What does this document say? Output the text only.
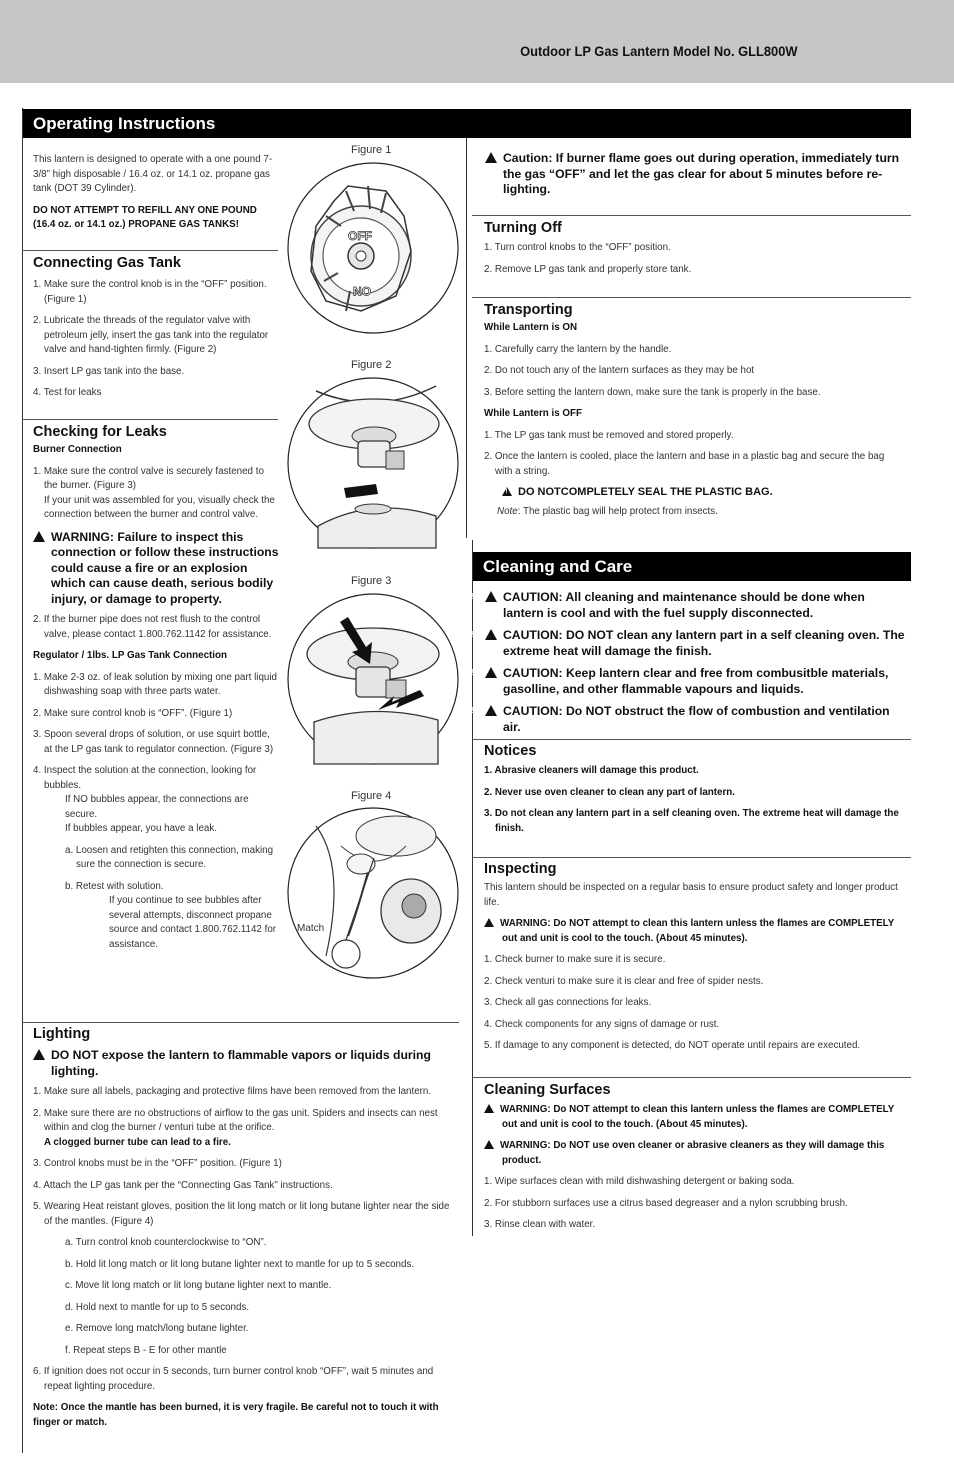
Outdoor LP Gas Lantern Model No. GLL800W
Operating Instructions

This lantern is designed to operate with a one pound 7-3/8” high disposable / 16.4 oz. or 14.1 oz. propane gas tank (DOT 39 Cylinder).

DO NOT ATTEMPT TO REFILL ANY ONE POUND (16.4 oz. or 14.1 oz.) PROPANE GAS TANKS!

Connecting Gas Tank

1. Make sure the control knob is in the “OFF” position. (Figure 1)

2. Lubricate the threads of the regulator valve with petroleum jelly, insert the gas tank into the regulator valve and hand-tighten firmly. (Figure 2)

3. Insert LP gas tank into the base.

4. Test for leaks

Checking for Leaks

Burner Connection

1. Make sure the control valve is securely fastened to the burner. (Figure 3)

If your unit was assembled for you, visually check the connection between the burner and control valve.

!WARNING: Failure to inspect this connection or follow these instructions could cause a fire or an explosion which can cause death, serious bodily injury, or damage to property.

2. If the burner pipe does not rest flush to the control valve, please contact 1.800.762.1142 for assistance.

Regulator / 1lbs. LP Gas Tank Connection

1. Make 2-3 oz. of leak solution by mixing one part liquid dishwashing soap with three parts water.

2. Make sure control knob is “OFF”. (Figure 1)

3. Spoon several drops of solution, or use squirt bottle, at the LP gas tank to regulator connection. (Figure 3)

4. Inspect the solution at the connection, looking for bubbles.

If NO bubbles appear, the connections are secure.

If bubbles appear, you have a leak.

a. Loosen and retighten this connection, making sure the connection is secure.

b. Retest with solution.

If you continue to see bubbles after several attempts, disconnect propane source and contact 1.800.762.1142 for assistance.

Lighting
!DO NOT expose the lantern to flammable vapors or liquids during lighting.

1. Make sure all labels, packaging and protective films have been removed from the lantern.

2. Make sure there are no obstructions of airflow to the gas unit. Spiders and insects can nest within and clog the burner / venturi tube at the orifice.

A clogged burner tube can lead to a fire.

3. Control knobs must be in the “OFF” position. (Figure 1)

4. Attach the LP gas tank per the “Connecting Gas Tank” instructions.

5. Wearing Heat reistant gloves, position the lit long match or lit long butane lighter near the side of the mantles. (Figure 4)

a. Turn control knob counterclockwise to “ON”.

b. Hold lit long match or lit long butane lighter next to mantle for up to 5 seconds.

c. Move lit long match or lit long butane lighter next to mantle.

d. Hold next to mantle for up to 5 seconds.

e. Remove long match/long butane lighter.

f. Repeat steps B - E for other mantle

6. If ignition does not occur in 5 seconds, turn burner control knob “OFF”, wait 5 minutes and repeat lighting procedure.

Note: Once the mantle has been burned, it is very fragile. Be careful not to touch it with finger or match.

Figure 1
OFF
ON
Figure 2
Figure 3
Figure 4
Match
!Caution: If burner flame goes out during operation, immediately turn the gas “OFF” and let the gas clear for about 5 minutes before re-lighting.
Turning Off

1. Turn control knobs to the “OFF” position.

2. Remove LP gas tank and properly store tank.

Transporting

While Lantern is ON

1. Carefully carry the lantern by the handle.

2. Do not touch any of the lantern surfaces as they may be hot

3. Before setting the lantern down, make sure the tank is properly in the base.

While Lantern is OFF

1. The LP gas tank must be removed and stored properly.

2. Once the lantern is cooled, place the lantern and base in a plastic bag and secure the bag with a string.

!DO NOTCOMPLETELY SEAL THE PLASTIC BAG.

Note: The plastic bag will help protect from insects.

Cleaning and Care
!CAUTION: All cleaning and maintenance should be done when lantern is cool and with the fuel supply disconnected.
!CAUTION: DO NOT clean any lantern part in a self cleaning oven. The extreme heat will damage the finish.
!CAUTION: Keep lantern clear and free from combusitble materials, gasolline, and other flammable vapours and liquids.
!CAUTION: Do NOT obstruct the flow of combustion and ventilation air.
Notices

1. Abrasive cleaners will damage this product.

2. Never use oven cleaner to clean any part of lantern.

3. Do not clean any lantern part in a self cleaning oven. The extreme heat will damage the finish.

Inspecting

This lantern should be inspected on a regular basis to ensure product safety and longer product life.

!WARNING: Do NOT attempt to clean this lantern unless the flames are COMPLETELY out and unit is cool to the touch. (About 45 minutes).

1. Check burner to make sure it is secure.

2. Check venturi to make sure it is clear and free of spider nests.

3. Check all gas connections for leaks.

4. Check components for any signs of damage or rust.

5. If damage to any component is detected, do NOT operate until repairs are executed.

Cleaning Surfaces
!WARNING: Do NOT attempt to clean this lantern unless the flames are COMPLETELY out and unit is cool to the touch. (About 45 minutes).
!WARNING: Do NOT use oven cleaner or abrasive cleaners as they will damage this product.

1. Wipe surfaces clean with mild dishwashing detergent or baking soda.

2. For stubborn surfaces use a citrus based degreaser and a nylon scrubbing brush.

3. Rinse clean with water.
